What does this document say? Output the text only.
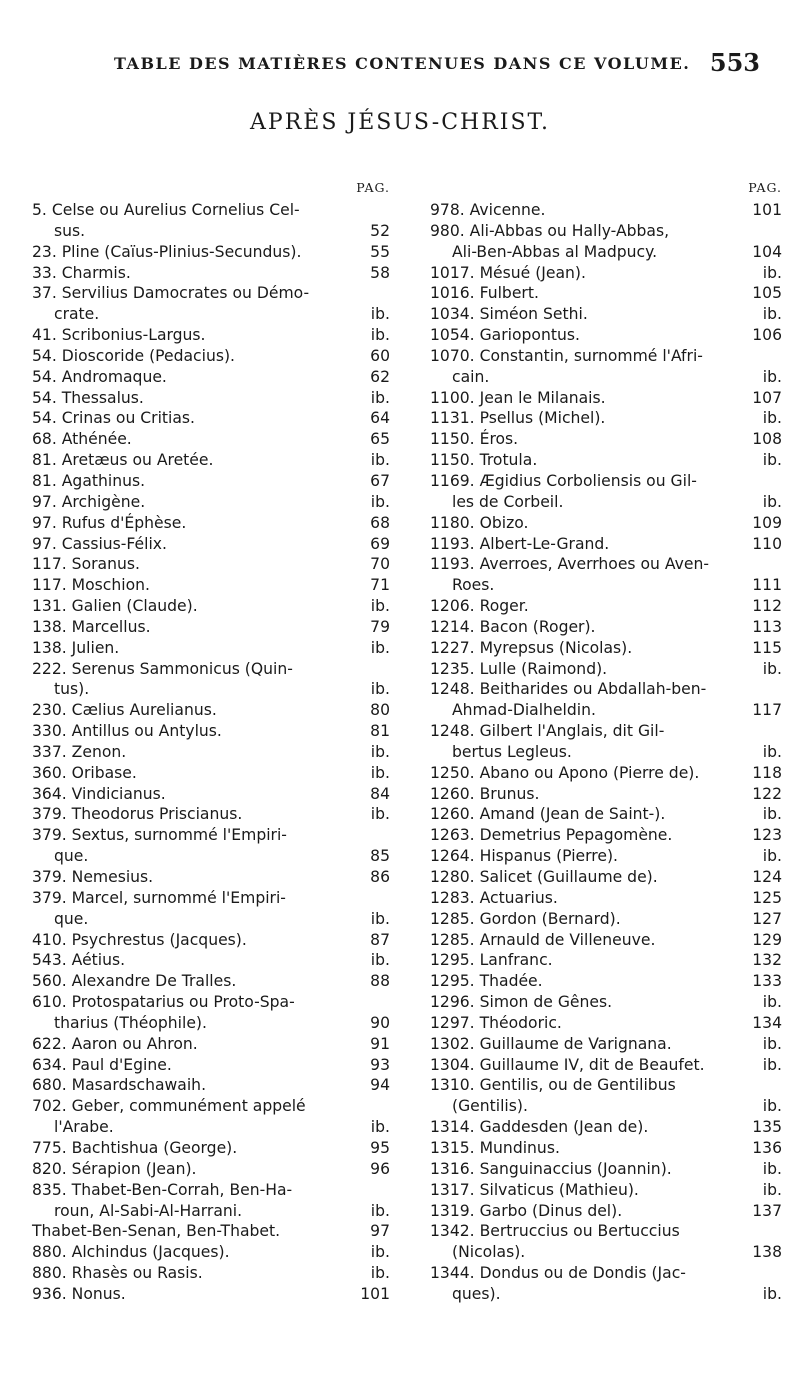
TABLE DES MATIÈRES CONTENUES DANS CE VOLUME. 553
APRÈS JÉSUS-CHRIST.
PAG.
5. Celse ou Aurelius Cornelius Cel-
sus.	52
23. Pline (Caïus-Plinius-Secundus).	55
33. Charmis.	58
37. Servilius Damocrates ou Démo-
crate.	ib.
41. Scribonius-Largus.	ib.
54. Dioscoride (Pedacius).	60
54. Andromaque.	62
54. Thessalus.	ib.
54. Crinas ou Critias.	64
68. Athénée.	65
81. Aretæus ou Aretée.	ib.
81. Agathinus.	67
97. Archigène.	ib.
97. Rufus d'Éphèse.	68
97. Cassius-Félix.	69
117. Soranus.	70
117. Moschion.	71
131. Galien (Claude).	ib.
138. Marcellus.	79
138. Julien.	ib.
222. Serenus Sammonicus (Quin-
tus).	ib.
230. Cælius Aurelianus.	80
330. Antillus ou Antylus.	81
337. Zenon.	ib.
360. Oribase.	ib.
364. Vindicianus.	84
379. Theodorus Priscianus.	ib.
379. Sextus, surnommé l'Empiri-
que.	85
379. Nemesius.	86
379. Marcel, surnommé l'Empiri-
que.	ib.
410. Psychrestus (Jacques).	87
543. Aétius.	ib.
560. Alexandre De Tralles.	88
610. Protospatarius ou Proto-Spa-
tharius (Théophile).	90
622. Aaron ou Ahron.	91
634. Paul d'Egine.	93
680. Masardschawaih.	94
702. Geber, communément appelé
l'Arabe.	ib.
775. Bachtishua (George).	95
820. Sérapion (Jean).	96
835. Thabet-Ben-Corrah, Ben-Ha-
roun, Al-Sabi-Al-Harrani.	ib.
Thabet-Ben-Senan, Ben-Thabet.	97
880. Alchindus (Jacques).	ib.
880. Rhasès ou Rasis.	ib.
936. Nonus.	101
PAG.
978. Avicenne.	101
980. Ali-Abbas ou Hally-Abbas,
Ali-Ben-Abbas al Madpucy.	104
1017. Mésué (Jean).	ib.
1016. Fulbert.	105
1034. Siméon Sethi.	ib.
1054. Gariopontus.	106
1070. Constantin, surnommé l'Afri-
cain.	ib.
1100. Jean le Milanais.	107
1131. Psellus (Michel).	ib.
1150. Éros.	108
1150. Trotula.	ib.
1169. Ægidius Corboliensis ou Gil-
les de Corbeil.	ib.
1180. Obizo.	109
1193. Albert-Le-Grand.	110
1193. Averroes, Averrhoes ou Aven-
Roes.	111
1206. Roger.	112
1214. Bacon (Roger).	113
1227. Myrepsus (Nicolas).	115
1235. Lulle (Raimond).	ib.
1248. Beitharides ou Abdallah-ben-
Ahmad-Dialheldin.	117
1248. Gilbert l'Anglais, dit Gil-
bertus Legleus.	ib.
1250. Abano ou Apono (Pierre de).	118
1260. Brunus.	122
1260. Amand (Jean de Saint-).	ib.
1263. Demetrius Pepagomène.	123
1264. Hispanus (Pierre).	ib.
1280. Salicet (Guillaume de).	124
1283. Actuarius.	125
1285. Gordon (Bernard).	127
1285. Arnauld de Villeneuve.	129
1295. Lanfranc.	132
1295. Thadée.	133
1296. Simon de Gênes.	ib.
1297. Théodoric.	134
1302. Guillaume de Varignana.	ib.
1304. Guillaume IV, dit de Beaufet.	ib.
1310. Gentilis, ou de Gentilibus
(Gentilis).	ib.
1314. Gaddesden (Jean de).	135
1315. Mundinus.	136
1316. Sanguinaccius (Joannin).	ib.
1317. Silvaticus (Mathieu).	ib.
1319. Garbo (Dinus del).	137
1342. Bertruccius ou Bertuccius
(Nicolas).	138
1344. Dondus ou de Dondis (Jac-
ques).	ib.
